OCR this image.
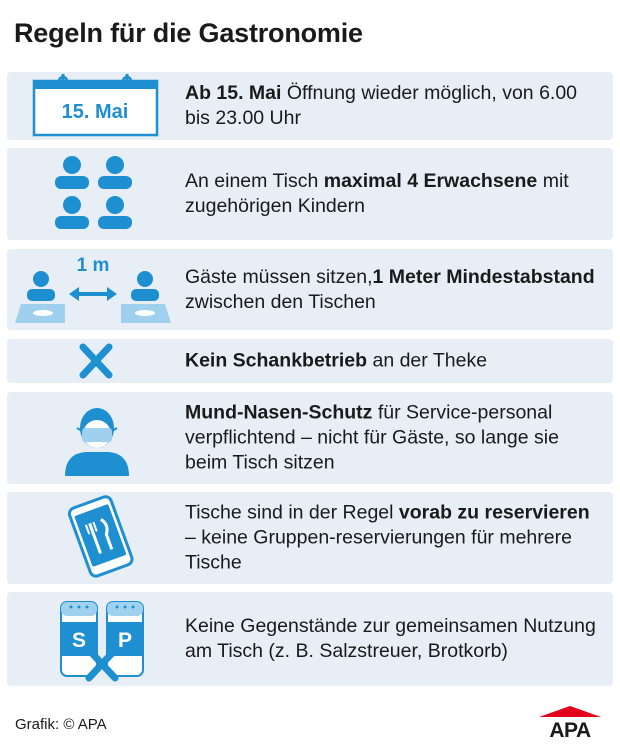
Regeln für die Gastronomie
15. Mai
Ab 15. Mai Öffnung wieder möglich, von 6.00 bis 23.00 Uhr
An einem Tisch maximal 4 Erwachsene mit zugehörigen Kindern
1 m	Gäste müssen sitzen,1 Meter Mindestabstand zwischen den Tischen
Kein Schankbetrieb an der Theke
Mund-Nasen-Schutz für Service-personal verpflichtend – nicht für Gäste, so lange sie beim Tisch sitzen
Tische sind in der Regel vorab zu reservieren – keine Gruppen-reservierungen für mehrere Tische
S P
Keine Gegenstände zur gemeinsamen Nutzung am Tisch (z. B. Salzstreuer, Brotkorb)
Grafik: © APA	APA
